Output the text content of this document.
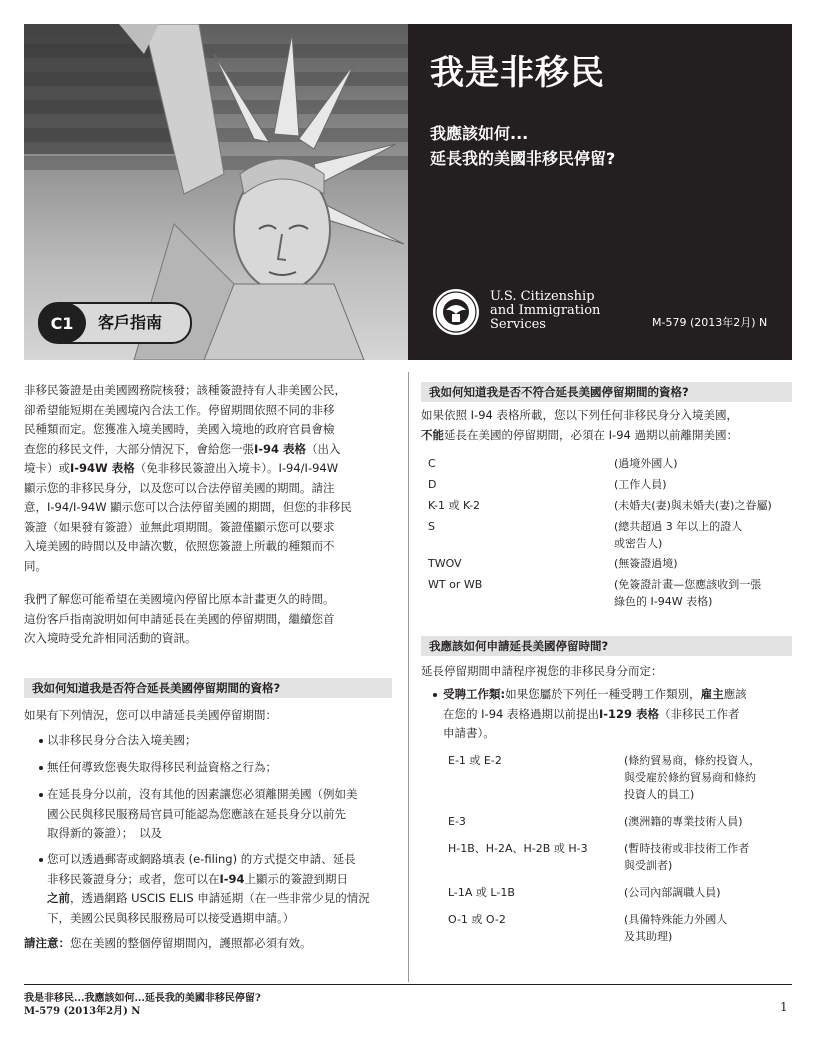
C1	客戶指南
我是非移民
我應該如何...
延長我的美國非移民停留?
U.S. Citizenship
and Immigration
Services	M-579 (2013年2月) N
非移民簽證是由美國國務院核發；該種簽證持有人非美國公民，
卻希望能短期在美國境內合法工作。停留期間依照不同的非移
民種類而定。您獲准入境美國時，美國入境地的政府官員會檢
查您的移民文件，大部分情況下，會給您一張I-94 表格（出入
境卡）或I-94W 表格（免非移民簽證出入境卡）。I-94/I-94W
顯示您的非移民身分，以及您可以合法停留美國的期間。請注
意，I-94/I-94W 顯示您可以合法停留美國的期間，但您的非移民
簽證（如果發有簽證）並無此項期間。簽證僅顯示您可以要求
入境美國的時間以及申請次數，依照您簽證上所載的種類而不
同。
我們了解您可能希望在美國境內停留比原本計畫更久的時間。
這份客戶指南說明如何申請延長在美國的停留期間，繼續您首
次入境時受允許相同活動的資訊。
我如何知道我是否符合延長美國停留期間的資格?
如果有下列情況，您可以申請延長美國停留期間：
以非移民身分合法入境美國；
無任何導致您喪失取得移民利益資格之行為；
在延長身分以前，沒有其他的因素讓您必須離開美國（例如美
國公民與移民服務局官員可能認為您應該在延長身分以前先
取得新的簽證）；　以及
您可以透過郵寄或網路填表 (e-filing) 的方式提交申請、延長
非移民簽證身分；或者，您可以在I-94上顯示的簽證到期日
之前，透過網路 USCIS ELIS 申請延期（在一些非常少見的情況
下，美國公民與移民服務局可以接受過期申請。）
請注意：您在美國的整個停留期間內，護照都必須有效。
我如何知道我是否不符合延長美國停留期間的資格?
如果依照 I-94 表格所載，您以下列任何非移民身分入境美國，
不能延長在美國的停留期間，必須在 I-94 過期以前離開美國：
C	(過境外國人)
D	(工作人員)
K-1 或 K-2	(未婚夫(妻)與未婚夫(妻)之眷屬)
S	(總共超過 3 年以上的證人
或密告人)
TWOV	(無簽證過境)
WT or WB	(免簽證計畫—您應該收到一張
綠色的 I-94W 表格)
我應該如何申請延長美國停留時間?
延長停留期間申請程序視您的非移民身分而定：
受聘工作類:如果您屬於下列任一種受聘工作類別，雇主應該
在您的 I-94 表格過期以前提出I-129 表格（非移民工作者
申請書）。
E-1 或 E-2	(條約貿易商，條約投資人，
與受雇於條約貿易商和條約
投資人的員工)
E-3	(澳洲籍的專業技術人員)
H-1B、H-2A、H-2B 或 H-3	(暫時技術或非技術工作者
與受訓者)
L-1A 或 L-1B	(公司內部調職人員)
O-1 或 O-2	(具備特殊能力外國人
及其助理)
我是非移民...我應該如何...延長我的美國非移民停留?
M-579 (2013年2月) N	1
